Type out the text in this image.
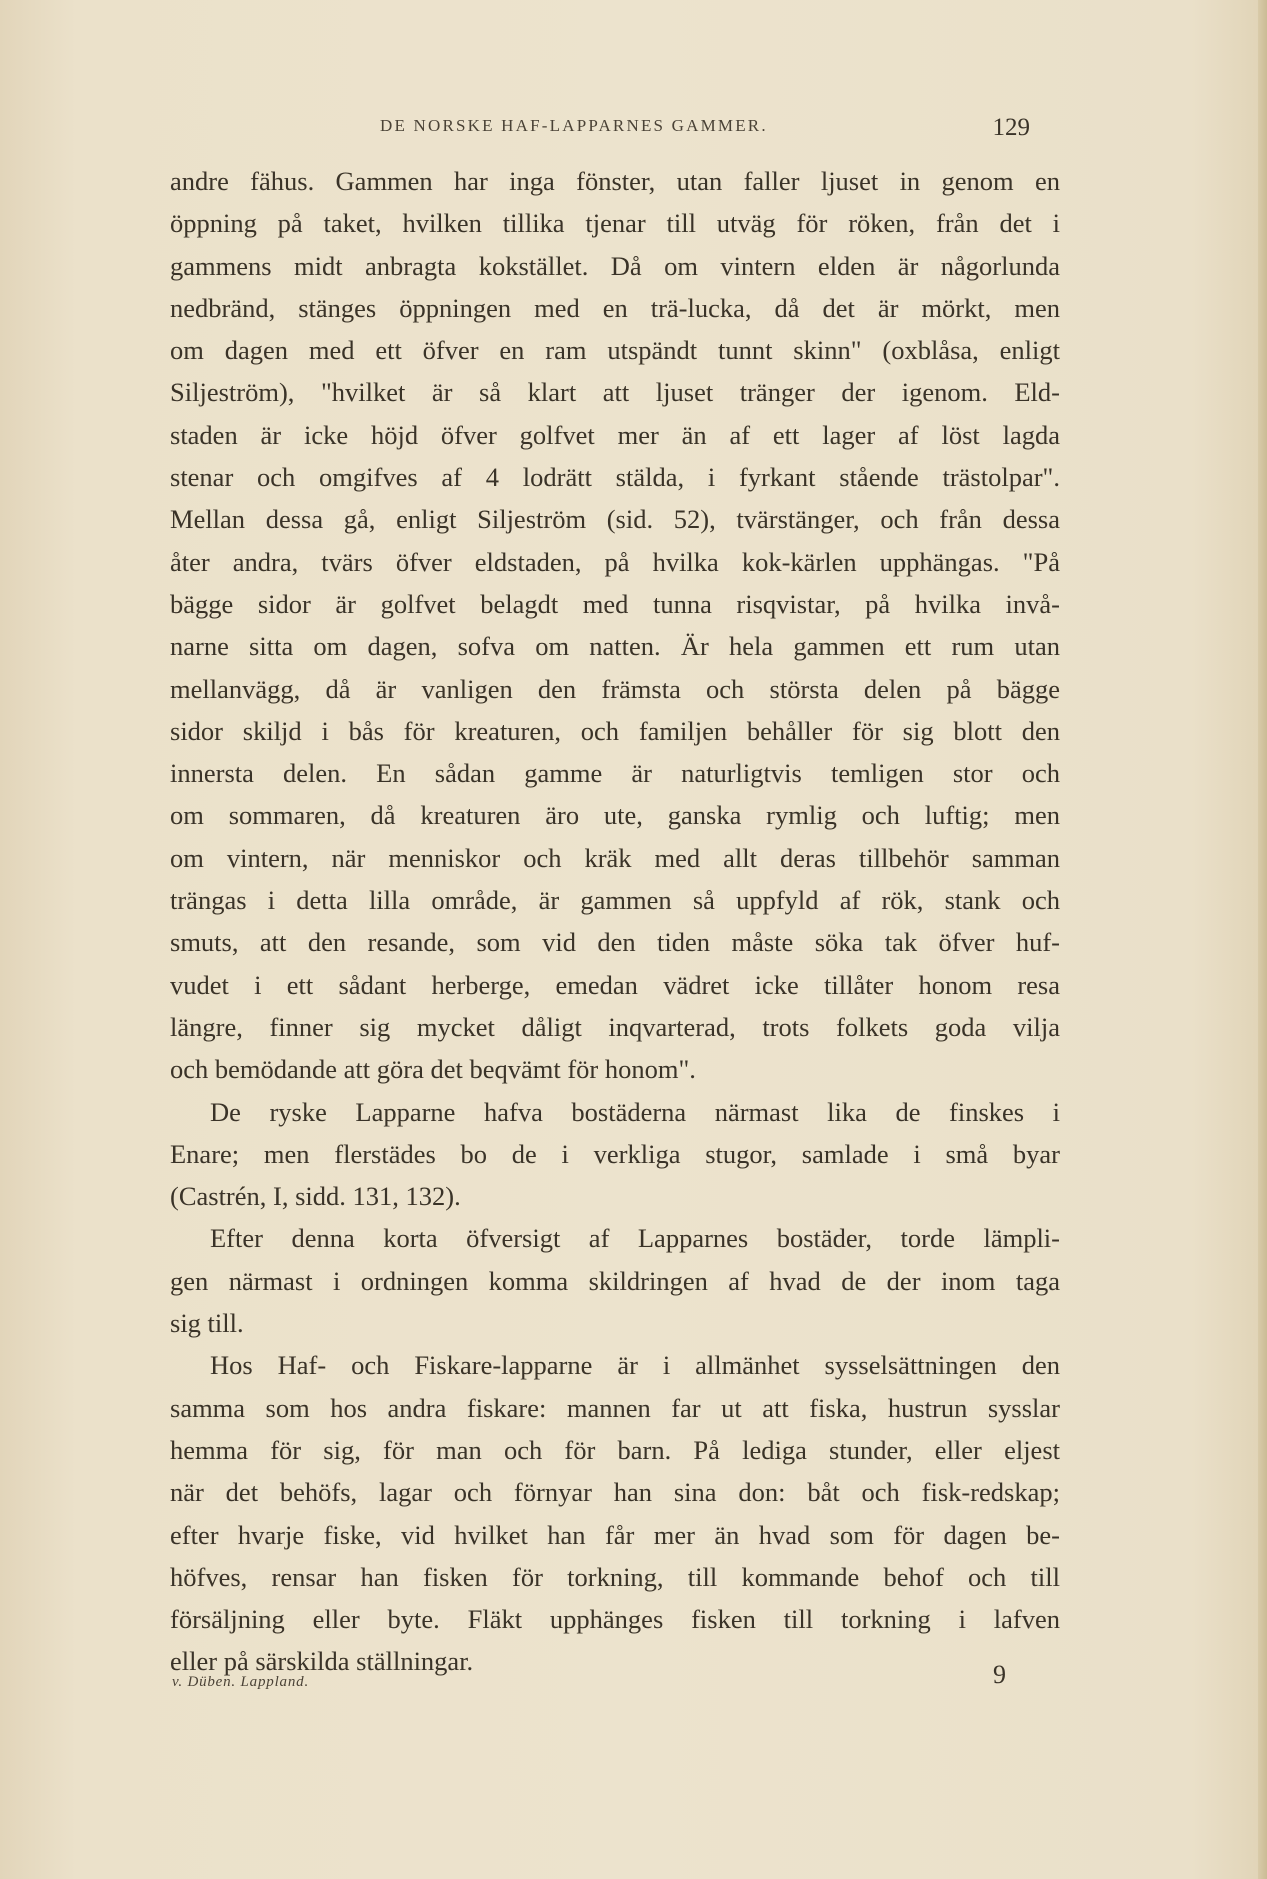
DE NORSKE HAF-LAPPARNES GAMMER.	129
andre fähus. Gammen har inga fönster, utan faller ljuset in genom en
öppning på taket, hvilken tillika tjenar till utväg för röken, från det i
gammens midt anbragta kokstället. Då om vintern elden är någorlunda
nedbränd, stänges öppningen med en trä-lucka, då det är mörkt, men
om dagen med ett öfver en ram utspändt tunnt skinn" (oxblåsa, enligt
Siljeström), "hvilket är så klart att ljuset tränger der igenom. Eld-
staden är icke höjd öfver golfvet mer än af ett lager af löst lagda
stenar och omgifves af 4 lodrätt stälda, i fyrkant stående trästolpar".
Mellan dessa gå, enligt Siljeström (sid. 52), tvärstänger, och från dessa
åter andra, tvärs öfver eldstaden, på hvilka kok-kärlen upphängas. "På
bägge sidor är golfvet belagdt med tunna risqvistar, på hvilka invå-
narne sitta om dagen, sofva om natten. Är hela gammen ett rum utan
mellanvägg, då är vanligen den främsta och största delen på bägge
sidor skiljd i bås för kreaturen, och familjen behåller för sig blott den
innersta delen. En sådan gamme är naturligtvis temligen stor och
om sommaren, då kreaturen äro ute, ganska rymlig och luftig; men
om vintern, när menniskor och kräk med allt deras tillbehör samman
trängas i detta lilla område, är gammen så uppfyld af rök, stank och
smuts, att den resande, som vid den tiden måste söka tak öfver huf-
vudet i ett sådant herberge, emedan vädret icke tillåter honom resa
längre, finner sig mycket dåligt inqvarterad, trots folkets goda vilja
och bemödande att göra det beqvämt för honom".
De ryske Lapparne hafva bostäderna närmast lika de finskes i
Enare; men flerstädes bo de i verkliga stugor, samlade i små byar
(Castrén, I, sidd. 131, 132).
Efter denna korta öfversigt af Lapparnes bostäder, torde lämpli-
gen närmast i ordningen komma skildringen af hvad de der inom taga
sig till.
Hos Haf- och Fiskare-lapparne är i allmänhet sysselsättningen den
samma som hos andra fiskare: mannen far ut att fiska, hustrun sysslar
hemma för sig, för man och för barn. På lediga stunder, eller eljest
när det behöfs, lagar och förnyar han sina don: båt och fisk-redskap;
efter hvarje fiske, vid hvilket han får mer än hvad som för dagen be-
höfves, rensar han fisken för torkning, till kommande behof och till
försäljning eller byte. Fläkt upphänges fisken till torkning i lafven
eller på särskilda ställningar.
v. Düben. Lappland.	9
